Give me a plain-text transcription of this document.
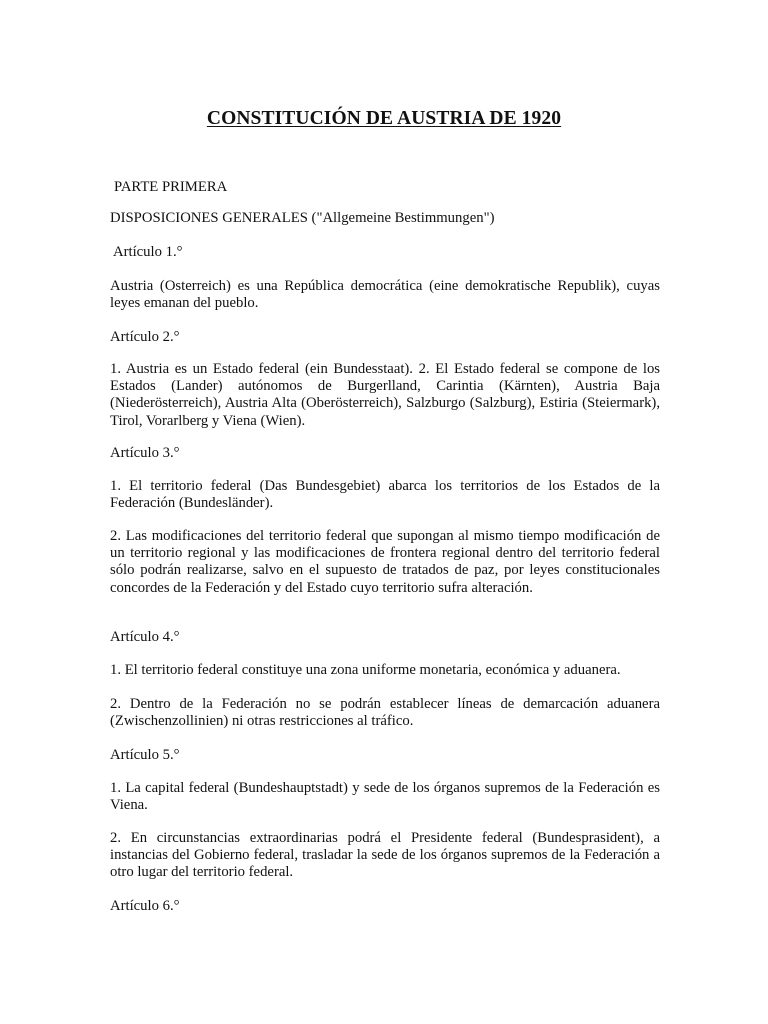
CONSTITUCIÓN DE AUSTRIA DE 1920

PARTE PRIMERA

DISPOSICIONES GENERALES ("Allgemeine Bestimmungen")

Artículo 1.°

Austria (Osterreich) es una República democrática (eine demokratische Republik), cuyas leyes emanan del pueblo.

Artículo 2.°

1. Austria es un Estado federal (ein Bundesstaat). 2. El Estado federal se compone de los Estados (Lander) autónomos de Burgerlland, Carintia (Kärnten), Austria Baja (Niederösterreich), Austria Alta (Oberösterreich), Salzburgo (Salzburg), Estiria (Steiermark), Tirol, Vorarlberg y Viena (Wien).

Artículo 3.°

1. El territorio federal (Das Bundesgebiet) abarca los territorios de los Estados de la Federación (Bundesländer).

2. Las modificaciones del territorio federal que supongan al mismo tiempo modificación de un territorio regional y las modificaciones de frontera regional dentro del territorio federal sólo podrán realizarse, salvo en el supuesto de tratados de paz, por leyes constitucionales concordes de la Federación y del Estado cuyo territorio sufra alteración.

Artículo 4.°

1. El territorio federal constituye una zona uniforme monetaria, económica y aduanera.

2. Dentro de la Federación no se podrán establecer líneas de demarcación aduanera (Zwischenzollinien) ni otras restricciones al tráfico.

Artículo 5.°

1. La capital federal (Bundeshauptstadt) y sede de los órganos supremos de la Federación es Viena.

2. En circunstancias extraordinarias podrá el Presidente federal (Bundesprasident), a instancias del Gobierno federal, trasladar la sede de los órganos supremos de la Federación a otro lugar del territorio federal.

Artículo 6.°
